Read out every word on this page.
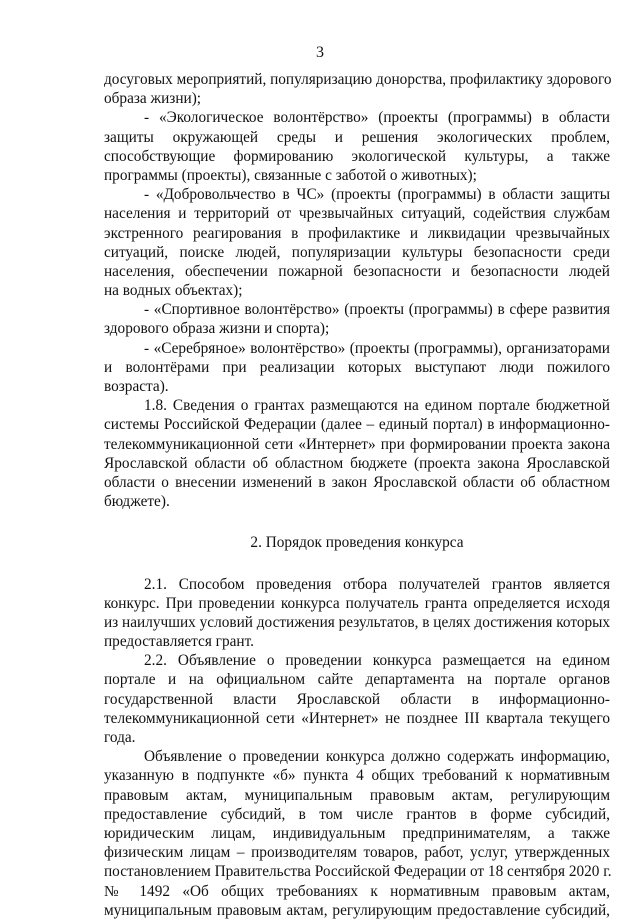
3
досуговых мероприятий, популяризацию донорства, профилактику здорового
образа жизни);
- «Экологическое волонтёрство» (проекты (программы) в области
защиты окружающей среды и решения экологических проблем,
способствующие формированию экологической культуры, а также
программы (проекты), связанные с заботой о животных);
- «Добровольчество в ЧС» (проекты (программы) в области защиты
населения и территорий от чрезвычайных ситуаций, содействия службам
экстренного реагирования в профилактике и ликвидации чрезвычайных
ситуаций, поиске людей, популяризации культуры безопасности среди
населения, обеспечении пожарной безопасности и безопасности людей
на водных объектах);
- «Спортивное волонтёрство» (проекты (программы) в сфере развития
здорового образа жизни и спорта);
- «Серебряное» волонтёрство» (проекты (программы), организаторами
и волонтёрами при реализации которых выступают люди пожилого
возраста).
1.8. Сведения о грантах размещаются на едином портале бюджетной
системы Российской Федерации (далее – единый портал) в информационно-
телекоммуникационной сети «Интернет» при формировании проекта закона
Ярославской области об областном бюджете (проекта закона Ярославской
области о внесении изменений в закон Ярославской области об областном
бюджете).
2. Порядок проведения конкурса
2.1. Способом проведения отбора получателей грантов является
конкурс. При проведении конкурса получатель гранта определяется исходя
из наилучших условий достижения результатов, в целях достижения которых
предоставляется грант.
2.2. Объявление о проведении конкурса размещается на едином
портале и на официальном сайте департамента на портале органов
государственной власти Ярославской области в информационно-
телекоммуникационной сети «Интернет» не позднее III квартала текущего
года.
Объявление о проведении конкурса должно содержать информацию,
указанную в подпункте «б» пункта 4 общих требований к нормативным
правовым актам, муниципальным правовым актам, регулирующим
предоставление субсидий, в том числе грантов в форме субсидий,
юридическим лицам, индивидуальным предпринимателям, а также
физическим лицам – производителям товаров, работ, услуг, утвержденных
постановлением Правительства Российской Федерации от 18 сентября 2020 г.
№ 1492 «Об общих требованиях к нормативным правовым актам,
муниципальным правовым актам, регулирующим предоставление субсидий,
